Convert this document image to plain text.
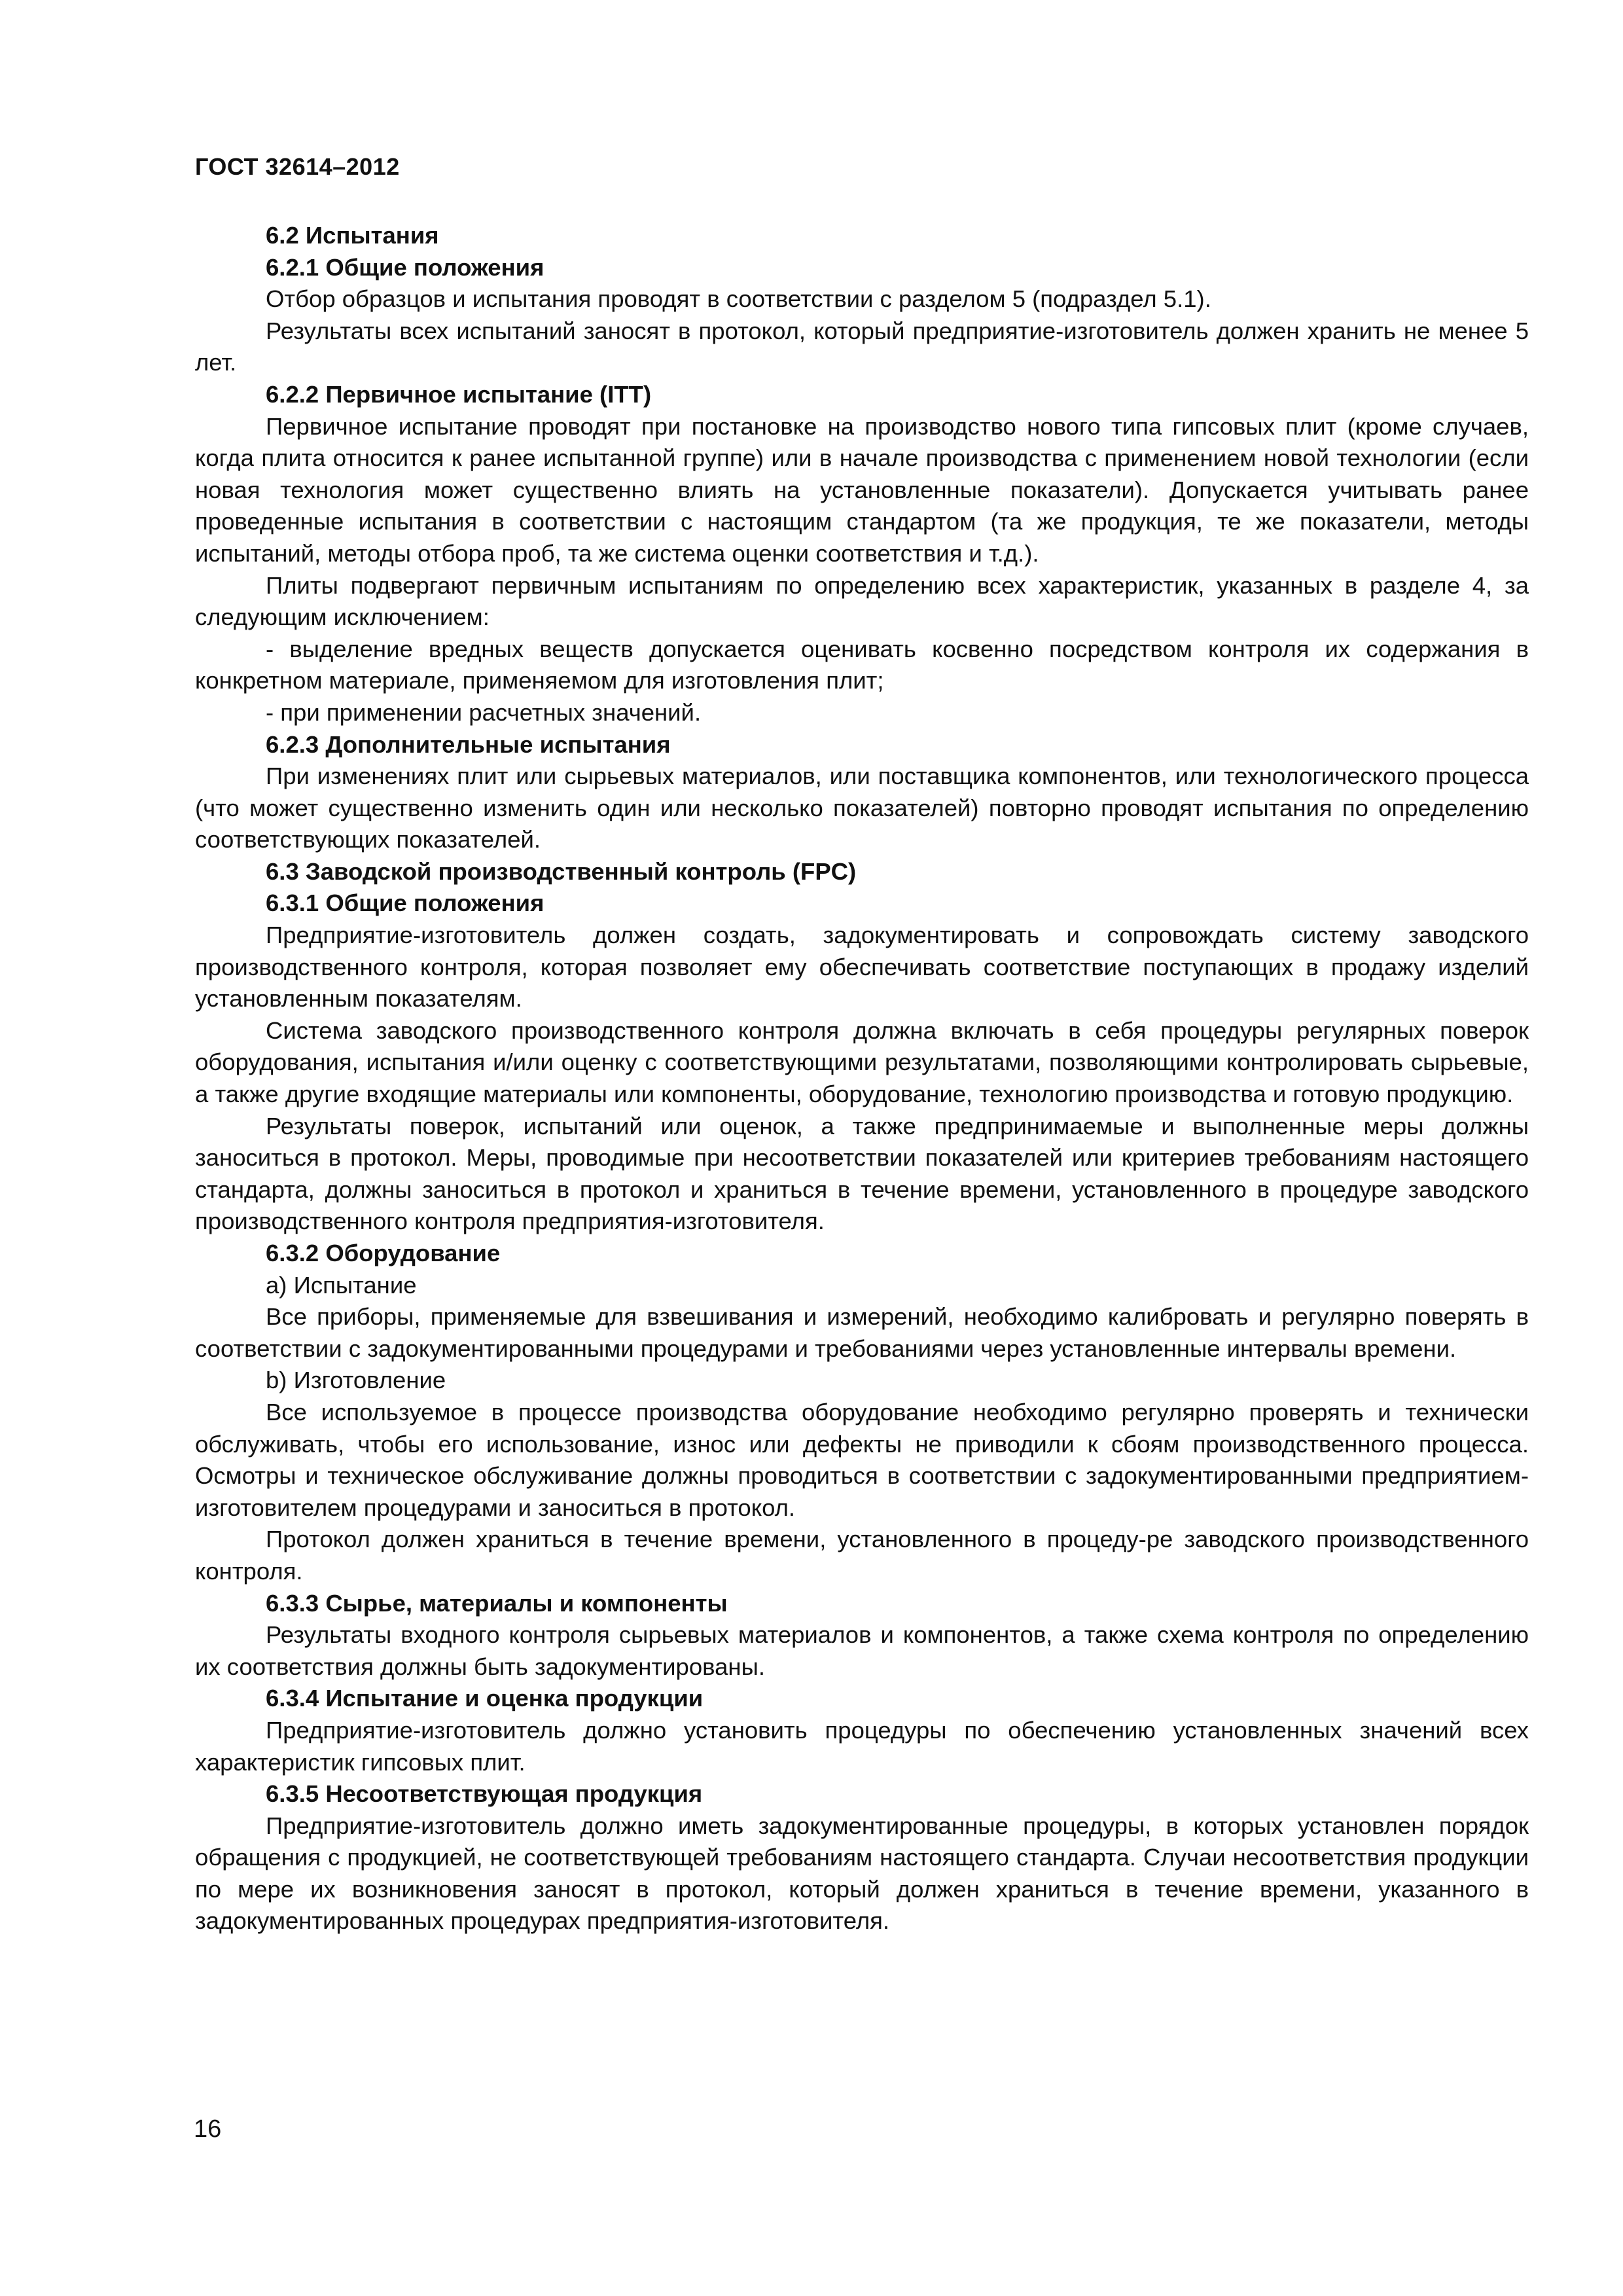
ГОСТ 32614–2012

6.2 Испытания

6.2.1 Общие положения

Отбор образцов и испытания проводят в соответствии с разделом 5 (подраздел 5.1).

Результаты всех испытаний заносят в протокол, который предприятие-изготовитель должен хранить не менее 5 лет.

6.2.2 Первичное испытание (ITT)

Первичное испытание проводят при постановке на производство нового типа гипсовых плит (кроме случаев, когда плита относится к ранее испытанной группе) или в начале производства с применением новой технологии (если новая технология может существенно влиять на установленные показатели). Допускается учитывать ранее проведенные испытания в соответствии с настоящим стандартом (та же продукция, те же показатели, методы испытаний, методы отбора проб, та же система оценки соответствия и т.д.).

Плиты подвергают первичным испытаниям по определению всех характеристик, указанных в разделе 4, за следующим исключением:

- выделение вредных веществ допускается оценивать косвенно посредством контроля их содержания в конкретном материале, применяемом для изготовления плит;

- при применении расчетных значений.

6.2.3 Дополнительные испытания

При изменениях плит или сырьевых материалов, или поставщика компонентов, или технологического процесса (что может существенно изменить один или несколько показателей) повторно проводят испытания по определению соответствующих показателей.

6.3 Заводской производственный контроль (FPC)

6.3.1 Общие положения

Предприятие-изготовитель должен создать, задокументировать и сопровождать систему заводского производственного контроля, которая позволяет ему обеспечивать соответствие поступающих в продажу изделий установленным показателям.

Система заводского производственного контроля должна включать в себя процедуры регулярных поверок оборудования, испытания и/или оценку с соответствующими результатами, позволяющими контролировать сырьевые, а также другие входящие материалы или компоненты, оборудование, технологию производства и готовую продукцию.

Результаты поверок, испытаний или оценок, а также предпринимаемые и выполненные меры должны заноситься в протокол. Меры, проводимые при несоответствии показателей или критериев требованиям настоящего стандарта, должны заноситься в протокол и храниться в течение времени, установленного в процедуре заводского производственного контроля предприятия-изготовителя.

6.3.2 Оборудование

a) Испытание

Все приборы, применяемые для взвешивания и измерений, необходимо калибровать и регулярно поверять в соответствии с задокументированными процедурами и требованиями через установленные интервалы времени.

b) Изготовление

Все используемое в процессе производства оборудование необходимо регулярно проверять и технически обслуживать, чтобы его использование, износ или дефекты не приводили к сбоям производственного процесса. Осмотры и техническое обслуживание должны проводиться в соответствии с задокументированными предприятием-изготовителем процедурами и заноситься в протокол.

Протокол должен храниться в течение времени, установленного в процеду-ре заводского производственного контроля.

6.3.3 Сырье, материалы и компоненты

Результаты входного контроля сырьевых материалов и компонентов, а также схема контроля по определению их соответствия должны быть задокументированы.

6.3.4 Испытание и оценка продукции

Предприятие-изготовитель должно установить процедуры по обеспечению установленных значений всех характеристик гипсовых плит.

6.3.5 Несоответствующая продукция

Предприятие-изготовитель должно иметь задокументированные процедуры, в которых установлен порядок обращения с продукцией, не соответствующей требованиям настоящего стандарта. Случаи несоответствия продукции по мере их возникновения заносят в протокол, который должен храниться в течение времени, указанного в задокументированных процедурах предприятия-изготовителя.

16
